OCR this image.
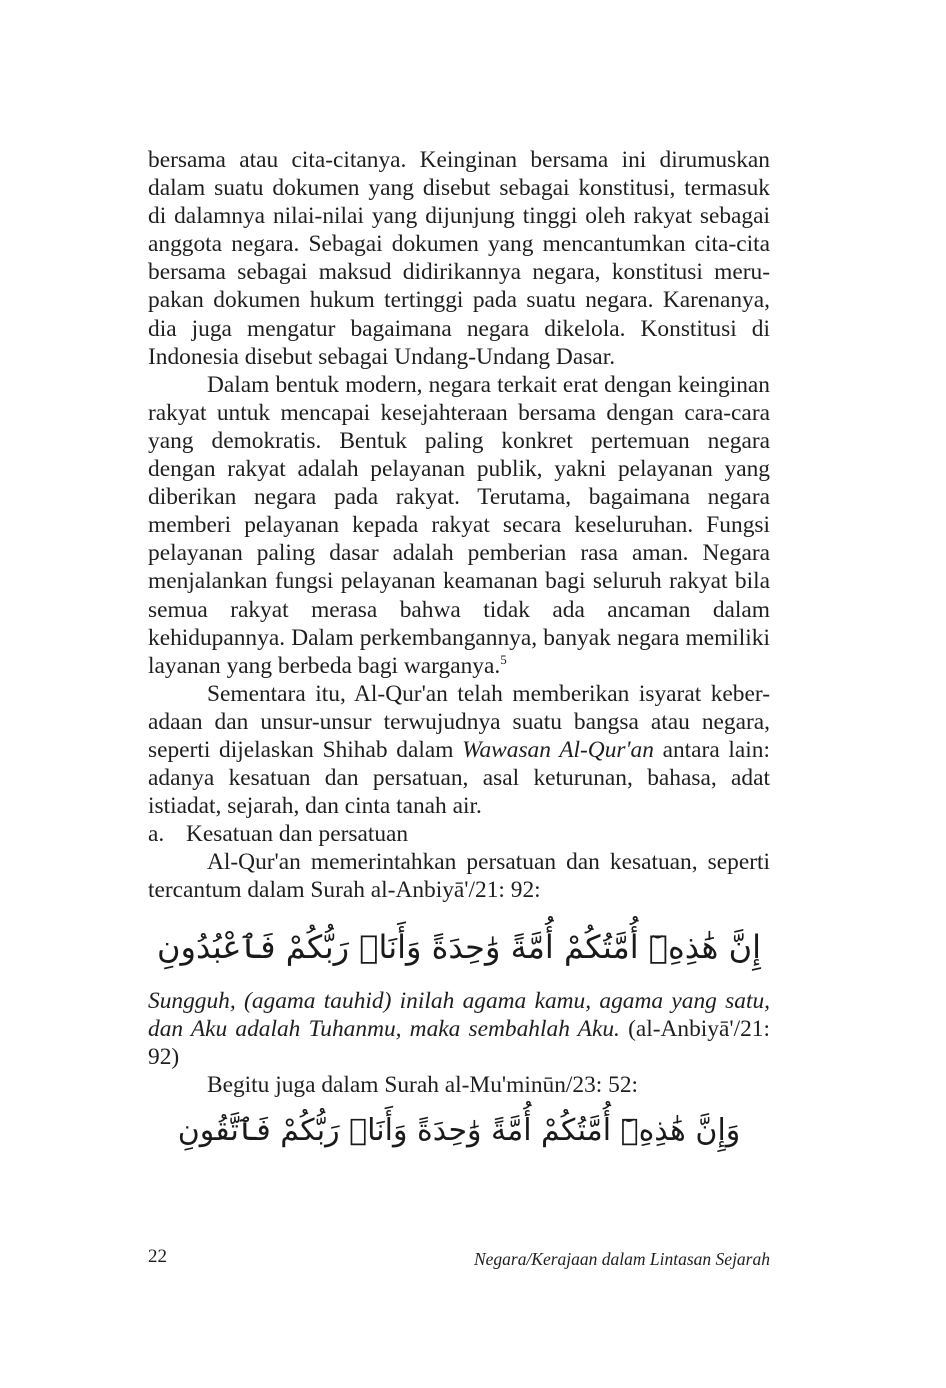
bersama atau cita-citanya. Keinginan bersama ini dirumuskan dalam suatu dokumen yang disebut sebagai konstitusi, termasuk di dalamnya nilai-nilai yang dijunjung tinggi oleh rakyat sebagai anggota negara. Sebagai dokumen yang mencantumkan cita-cita bersama sebagai maksud didirikannya negara, konstitusi meru-pakan dokumen hukum tertinggi pada suatu negara. Karenanya, dia juga mengatur bagaimana negara dikelola. Konstitusi di Indonesia disebut sebagai Undang-Undang Dasar.

Dalam bentuk modern, negara terkait erat dengan keinginan rakyat untuk mencapai kesejahteraan bersama dengan cara-cara yang demokratis. Bentuk paling konkret pertemuan negara dengan rakyat adalah pelayanan publik, yakni pelayanan yang diberikan negara pada rakyat. Terutama, bagaimana negara memberi pelayanan kepada rakyat secara keseluruhan. Fungsi pelayanan paling dasar adalah pemberian rasa aman. Negara menjalankan fungsi pelayanan keamanan bagi seluruh rakyat bila semua rakyat merasa bahwa tidak ada ancaman dalam kehidupannya. Dalam perkembangannya, banyak negara memiliki layanan yang berbeda bagi warganya.$^5$

Sementara itu, Al-Qur'an telah memberikan isyarat keber-adaan dan unsur-unsur terwujudnya suatu bangsa atau negara, seperti dijelaskan Shihab dalam Wawasan Al-Qur'an antara lain: adanya kesatuan dan persatuan, asal keturunan, bahasa, adat istiadat, sejarah, dan cinta tanah air.

a. Kesatuan dan persatuan

Al-Qur'an memerintahkan persatuan dan kesatuan, seperti tercantum dalam Surah al-Anbiyā'/21: 92:

إِنَّ هَٰذِهِۦٓ أُمَّتُكُمْ أُمَّةً وَٰحِدَةً وَأَنَا۠ رَبُّكُمْ فَٱعْبُدُونِ

Sungguh, (agama tauhid) inilah agama kamu, agama yang satu, dan Aku adalah Tuhanmu, maka sembahlah Aku. (al-Anbiyā'/21: 92)

Begitu juga dalam Surah al-Mu'minūn/23: 52:

وَإِنَّ هَٰذِهِۦٓ أُمَّتُكُمْ أُمَّةً وَٰحِدَةً وَأَنَا۠ رَبُّكُمْ فَٱتَّقُونِ
22	Negara/Kerajaan dalam Lintasan Sejarah
